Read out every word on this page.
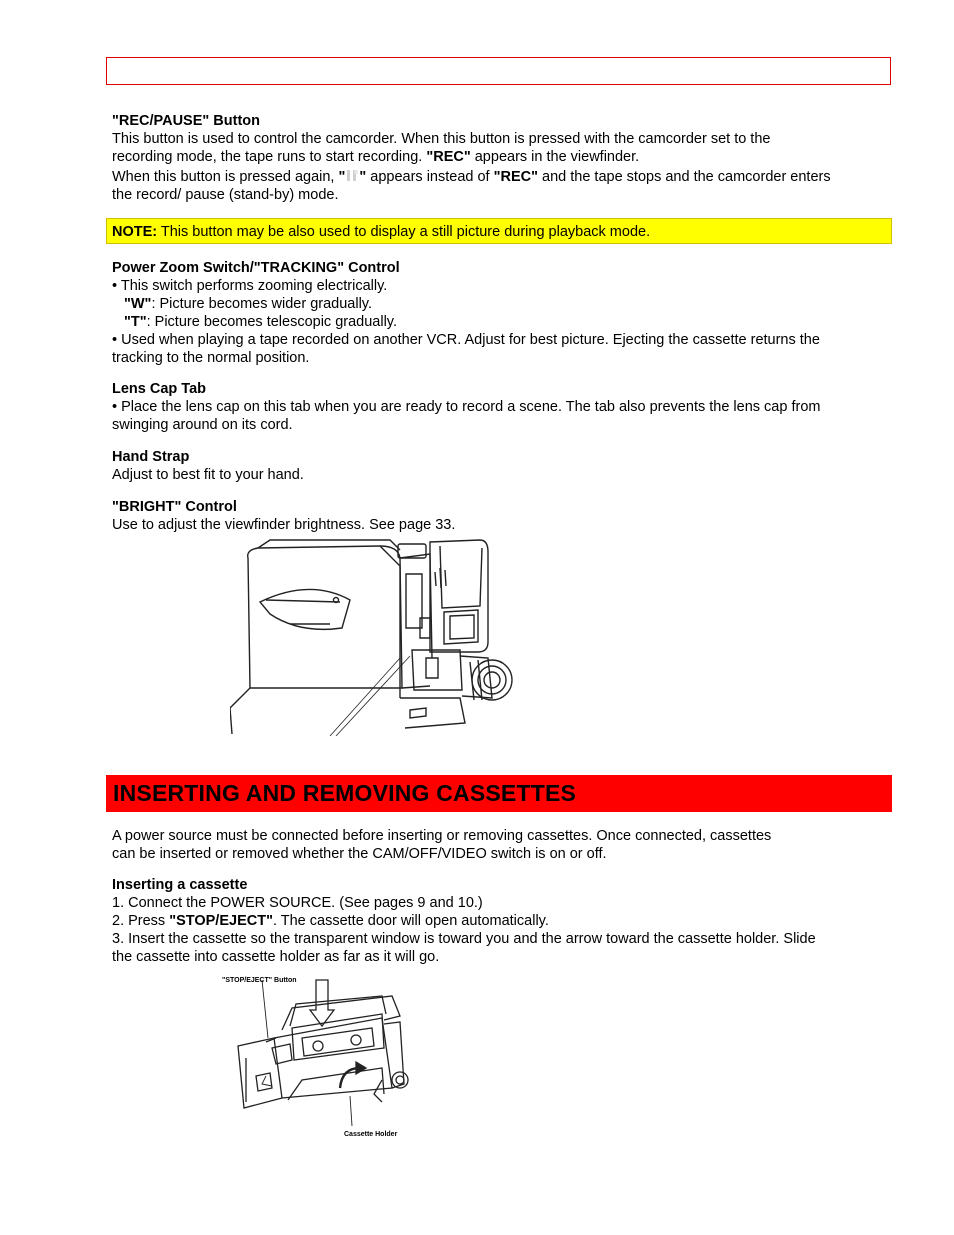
"REC/PAUSE" Button
This button is used to control the camcorder. When this button is pressed with the camcorder set to the
recording mode, the tape runs to start recording. "REC" appears in the viewfinder.
When this button is pressed again, " " appears instead of "REC" and the tape stops and the camcorder enters
the record/ pause (stand-by) mode.
NOTE: This button may be also used to display a still picture during playback mode.
Power Zoom Switch/"TRACKING" Control
• This switch performs zooming electrically.
"W": Picture becomes wider gradually.
"T": Picture becomes telescopic gradually.
• Used when playing a tape recorded on another VCR. Adjust for best picture. Ejecting the cassette returns the
tracking to the normal position.
Lens Cap Tab
• Place the lens cap on this tab when you are ready to record a scene. The tab also prevents the lens cap from
swinging around on its cord.
Hand Strap
Adjust to best fit to your hand.
"BRIGHT" Control
Use to adjust the viewfinder brightness. See page 33.
INSERTING AND REMOVING CASSETTES
A power source must be connected before inserting or removing cassettes. Once connected, cassettes
can be inserted or removed whether the CAM/OFF/VIDEO switch is on or off.
Inserting a cassette
1. Connect the POWER SOURCE. (See pages 9 and 10.)
2. Press "STOP/EJECT". The cassette door will open automatically.
3. Insert the cassette so the transparent window is toward you and the arrow toward the cassette holder. Slide
the cassette into cassette holder as far as it will go.
"STOP/EJECT" Button
Cassette Holder
